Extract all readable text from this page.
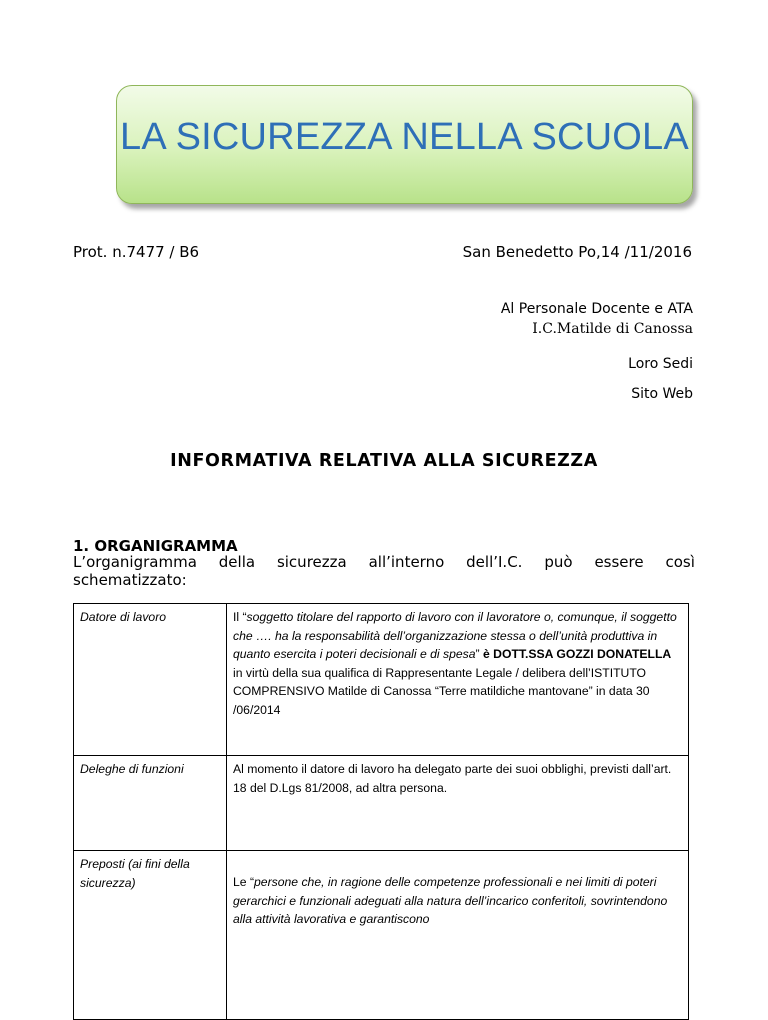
LA SICUREZZA NELLA SCUOLA
Prot. n.7477 / B6	San Benedetto Po,14 /11/2016
Al Personale Docente e ATA
I.C.Matilde di Canossa
Loro Sedi
Sito Web
INFORMATIVA RELATIVA ALLA SICUREZZA
1. ORGANIGRAMMA
L’organigramma della sicurezza all’interno dell’I.C. può essere così
schematizzato:
Datore di lavoro	Il “soggetto titolare del rapporto di lavoro con il lavoratore o, comunque, il soggetto che …. ha la responsabilità dell’organizzazione stessa o dell’unità produttiva in quanto esercita i poteri decisionali e di spesa” è DOTT.SSA GOZZI DONATELLA in virtù della sua qualifica di Rappresentante Legale / delibera dell’ISTITUTO COMPRENSIVO Matilde di Canossa “Terre matildiche mantovane” in data 30 /06/2014
Deleghe di funzioni	Al momento il datore di lavoro ha delegato parte dei suoi obblighi, previsti dall’art. 18 del D.Lgs 81/2008, ad altra persona.
Preposti (ai fini della sicurezza)	Le “persone che, in ragione delle competenze professionali e nei limiti di poteri gerarchici e funzionali adeguati alla natura dell’incarico conferitoli, sovrintendono alla attività lavorativa e garantiscono
